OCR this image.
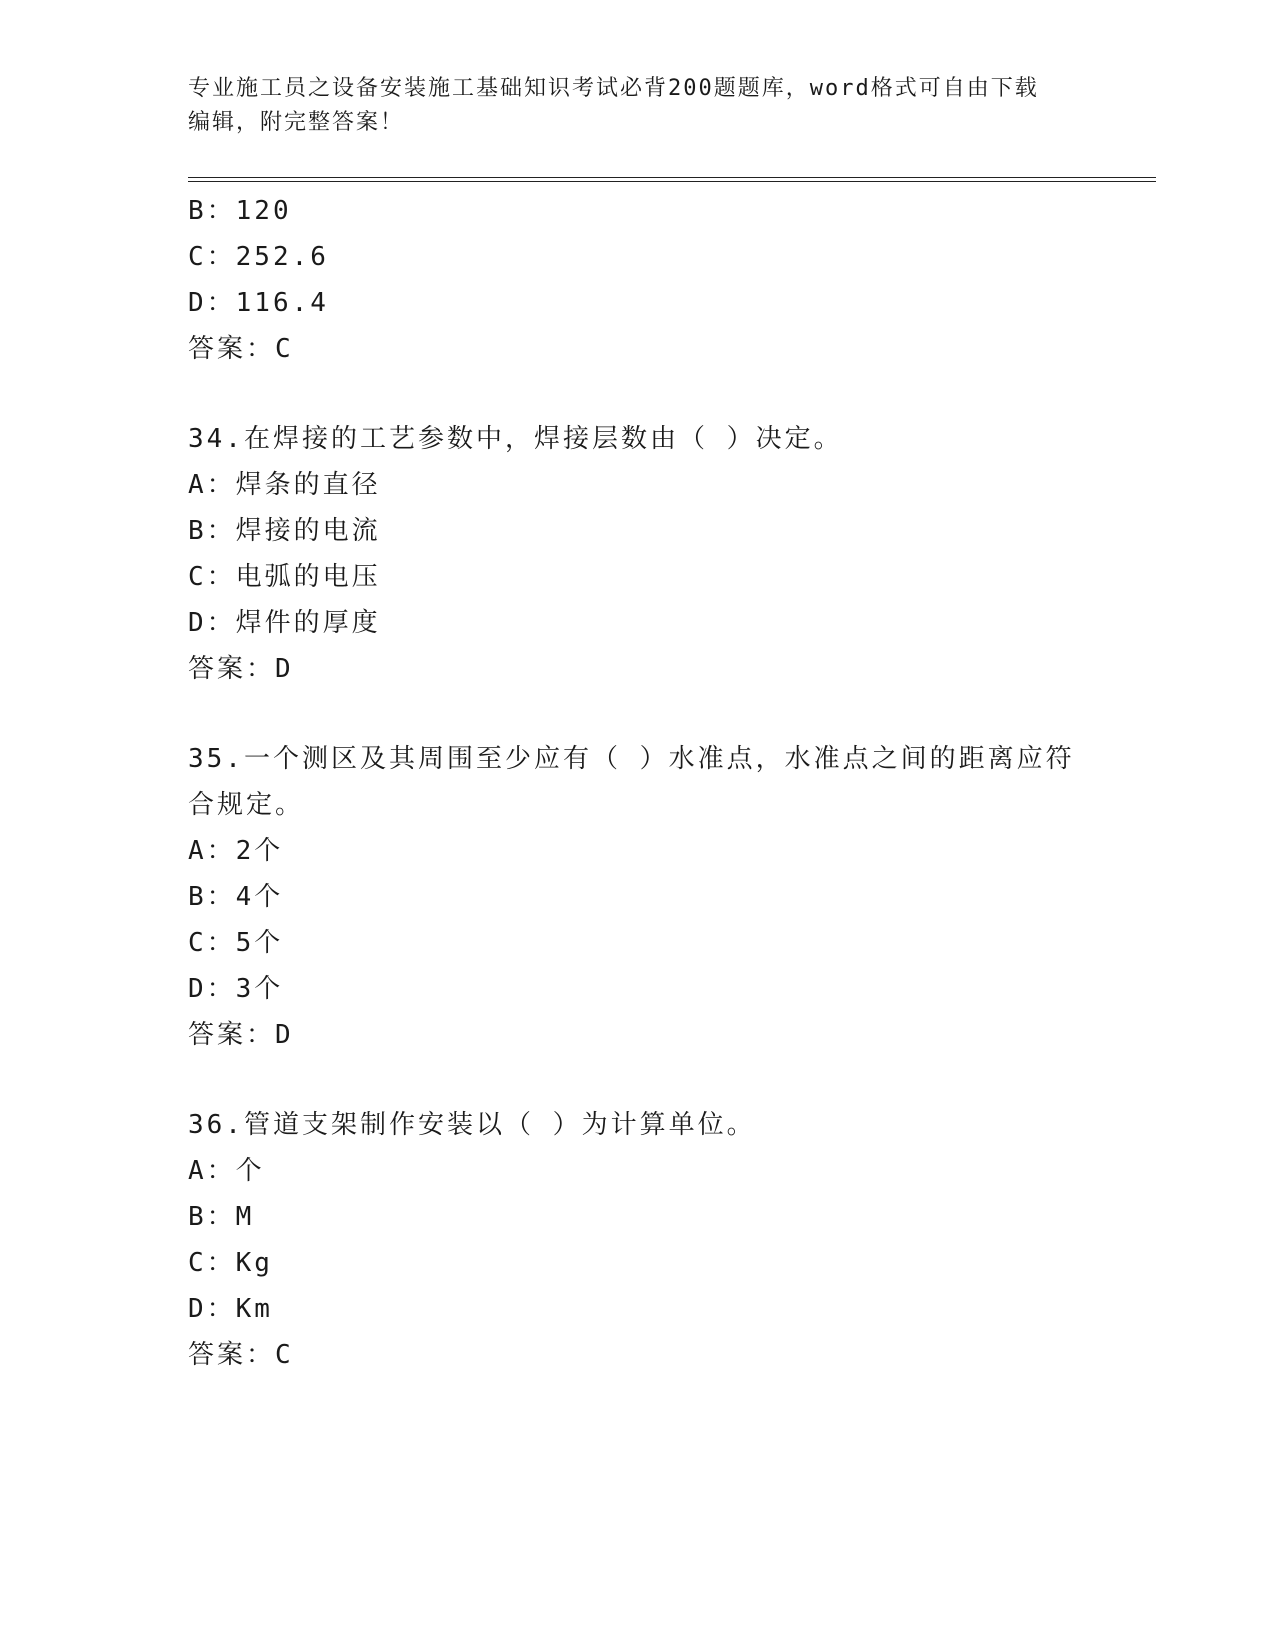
专业施工员之设备安装施工基础知识考试必背200题题库，word格式可自由下载
编辑，附完整答案！
B：120
C：252.6
D：116.4
答案：C
34.在焊接的工艺参数中，焊接层数由（ ）决定。
A：焊条的直径
B：焊接的电流
C：电弧的电压
D：焊件的厚度
答案：D
35.一个测区及其周围至少应有（ ）水准点，水准点之间的距离应符
合规定。
A：2个
B：4个
C：5个
D：3个
答案：D
36.管道支架制作安装以（ ）为计算单位。
A：个
B：M
C：Kg
D：Km
答案：C
